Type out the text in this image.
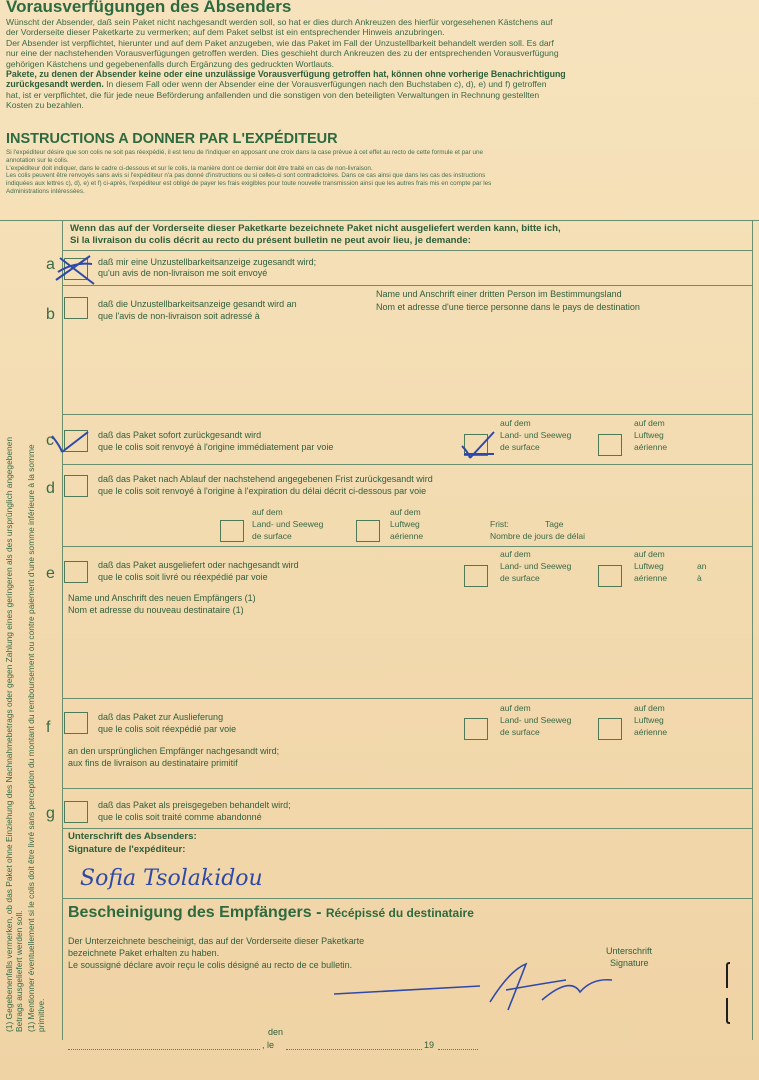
Vorausverfügungen des Absenders
Wünscht der Absender, daß sein Paket nicht nachgesandt werden soll, so hat er dies durch Ankreuzen des hierfür vorgesehenen Kästchens auf
der Vorderseite dieser Paketkarte zu vermerken; auf dem Paket selbst ist ein entsprechender Hinweis anzubringen.
Der Absender ist verpflichtet, hierunter und auf dem Paket anzugeben, wie das Paket im Fall der Unzustellbarkeit behandelt werden soll. Es darf
nur eine der nachstehenden Vorausverfügungen getroffen werden. Dies geschieht durch Ankreuzen des zu der entsprechenden Vorausverfügung
gehörigen Kästchens und gegebenenfalls durch Ergänzung des gedruckten Wortlauts.
Pakete, zu denen der Absender keine oder eine unzulässige Vorausverfügung getroffen hat, können ohne vorherige Benachrichtigung
zurückgesandt werden. In diesem Fall oder wenn der Absender eine der Vorausverfügungen nach den Buchstaben c), d), e) und f) getroffen
hat, ist er verpflichtet, die für jede neue Beförderung anfallenden und die sonstigen von den beteiligten Verwaltungen in Rechnung gestellten
Kosten zu bezahlen.
INSTRUCTIONS A DONNER PAR L'EXPÉDITEUR
Si l'expéditeur désire que son colis ne soit pas réexpédié, il est tenu de l'indiquer en apposant une croix dans la case prévue à cet effet au recto de cette formule et par une
annotation sur le colis.
L'expéditeur doit indiquer, dans le cadre ci-dessous et sur le colis, la manière dont ce dernier doit être traité en cas de non-livraison.
Les colis peuvent être renvoyés sans avis si l'expéditeur n'a pas donné d'instructions ou si celles-ci sont contradictoires. Dans ce cas ainsi que dans les cas des instructions
indiquées aux lettres c), d), e) et f) ci-après, l'expéditeur est obligé de payer les frais exigibles pour toute nouvelle transmission ainsi que les autres frais mis en compte par les
Administrations intéressées.
(1) Gegebenenfalls vermerken, ob das Paket ohne Einziehung des Nachnahmebetrags oder gegen Zahlung eines geringeren als des ursprünglich angegebenen Betrags ausgeliefert werden soll. (1) Mentionner éventuellement si le colis doit être livré sans perception du montant du remboursement ou contre paiement d'une somme inférieure à la somme primitive.
Wenn das auf der Vorderseite dieser Paketkarte bezeichnete Paket nicht ausgeliefert werden kann, bitte ich,
Si la livraison du colis décrit au recto du présent bulletin ne peut avoir lieu, je demande:
a	daß mir eine Unzustellbarkeitsanzeige zugesandt wird;
qu'un avis de non-livraison me soit envoyé
b
daß die Unzustellbarkeitsanzeige gesandt wird an
que l'avis de non-livraison soit adressé à
Name und Anschrift einer dritten Person im Bestimmungsland
Nom et adresse d'une tierce personne dans le pays de destination
c	daß das Paket sofort zurückgesandt wird
que le colis soit renvoyé à l'origine immédiatement par voie
auf dem
Land- und Seeweg
de surface
auf dem
Luftweg
aérienne
d
daß das Paket nach Ablauf der nachstehend angegebenen Frist zurückgesandt wird
que le colis soit renvoyé à l'origine à l'expiration du délai décrit ci-dessous par voie
auf dem
Land- und Seeweg
de surface
auf dem
Luftweg
aérienne
Frist:	Tage
Nombre de jours de délai
e	daß das Paket ausgeliefert oder nachgesandt wird
que le colis soit livré ou réexpédié par voie
auf dem
Land- und Seeweg
de surface
auf dem
Luftweg
aérienne
an
à
Name und Anschrift des neuen Empfängers (1)
Nom et adresse du nouveau destinataire (1)
f
daß das Paket zur Auslieferung
que le colis soit réexpédié par voie
auf dem
Land- und Seeweg
de surface
auf dem
Luftweg
aérienne
an den ursprünglichen Empfänger nachgesandt wird;
aux fins de livraison au destinataire primitif
g	daß das Paket als preisgegeben behandelt wird;
que le colis soit traité comme abandonné
Unterschrift des Absenders:
Signature de l'expéditeur:
Sofia Tsolakidou
Bescheinigung des Empfängers - Récépissé du destinataire
Der Unterzeichnete bescheinigt, das auf der Vorderseite dieser Paketkarte
bezeichnete Paket erhalten zu haben.
Le soussigné déclare avoir reçu le colis désigné au recto de ce bulletin.
Unterschrift
Signature
den
, le	19
